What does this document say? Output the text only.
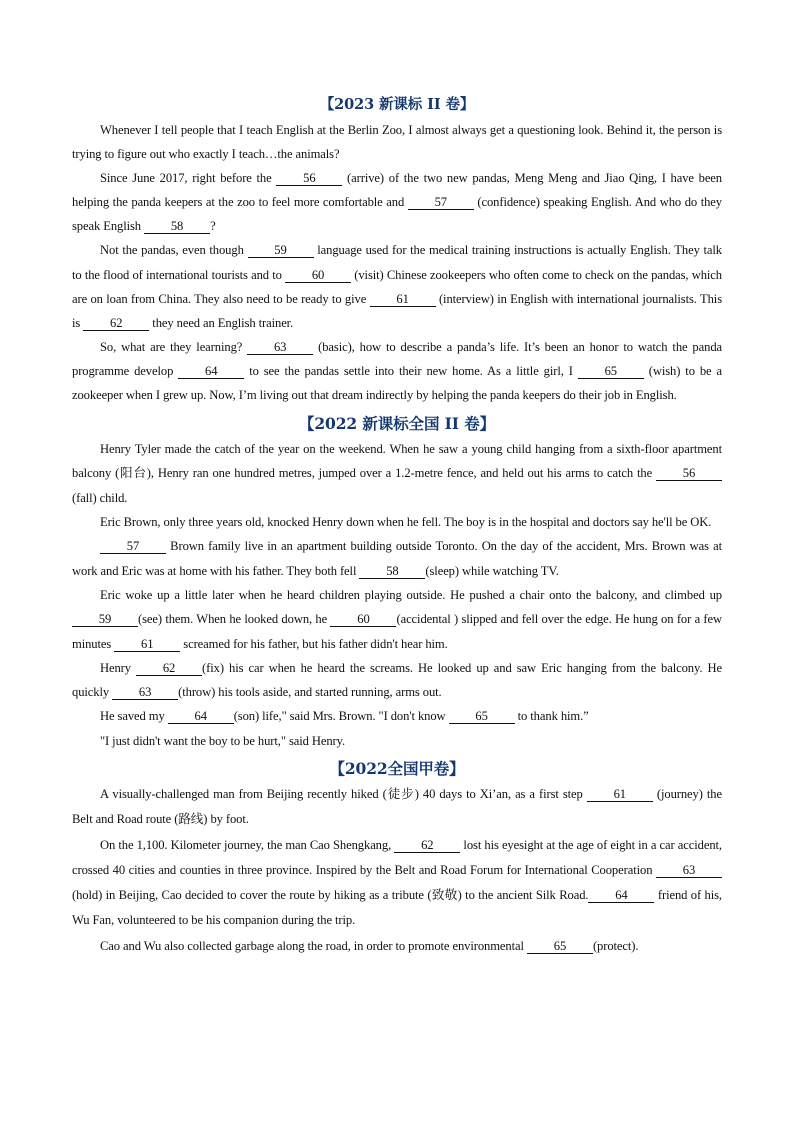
【2023 新课标 II 卷】

Whenever I tell people that I teach English at the Berlin Zoo, I almost always get a questioning look. Behind it, the person is trying to figure out who exactly I teach…the animals?

Since June 2017, right before the 56 (arrive) of the two new pandas, Meng Meng and Jiao Qing, I have been helping the panda keepers at the zoo to feel more comfortable and 57 (confidence) speaking English. And who do they speak English 58 ?

Not the pandas, even though 59 language used for the medical training instructions is actually English. They talk to the flood of international tourists and to 60 (visit) Chinese zookeepers who often come to check on the pandas, which are on loan from China. They also need to be ready to give 61 (interview) in English with international journalists. This is 62 they need an English trainer.

So, what are they learning? 63 (basic), how to describe a panda’s life. It’s been an honor to watch the panda programme develop 64 to see the pandas settle into their new home. As a little girl, I 65 (wish) to be a zookeeper when I grew up. Now, I’m living out that dream indirectly by helping the panda keepers do their job in English.

【2022 新课标全国 II 卷】

Henry Tyler made the catch of the year on the weekend. When he saw a young child hanging from a sixth-floor apartment balcony (阳台), Henry ran one hundred metres, jumped over a 1.2-metre fence, and held out his arms to catch the 56(fall) child.

Eric Brown, only three years old, knocked Henry down when he fell. The boy is in the hospital and doctors say he'll be OK.

57 Brown family live in an apartment building outside Toronto. On the day of the accident, Mrs. Brown was at work and Eric was at home with his father. They both fell 58 (sleep) while watching TV.

Eric woke up a little later when he heard children playing outside. He pushed a chair onto the balcony, and climbed up 59 (see) them. When he looked down, he 60 (accidental ) slipped and fell over the edge. He hung on for a few minutes 61 screamed for his father, but his father didn't hear him.

Henry 62 (fix) his car when he heard the screams. He looked up and saw Eric hanging from the balcony. He quickly 63 (throw) his tools aside, and started running, arms out.

He saved my 64 (son) life," said Mrs. Brown. "I don't know 65 to thank him.”

"I just didn't want the boy to be hurt," said Henry.

【2022全国甲卷】

A visually-challenged man from Beijing recently hiked (徒步) 40 days to Xi’an, as a first step 61 (journey) the Belt and Road route (路线) by foot.

On the 1,100. Kilometer journey, the man Cao Shengkang, 62 lost his eyesight at the age of eight in a car accident, crossed 40 cities and counties in three province. Inspired by the Belt and Road Forum for International Cooperation 63 (hold) in Beijing, Cao decided to cover the route by hiking as a tribute (致敬) to the ancient Silk Road. 64 friend of his, Wu Fan, volunteered to be his companion during the trip.

Cao and Wu also collected garbage along the road, in order to promote environmental 65 (protect).
